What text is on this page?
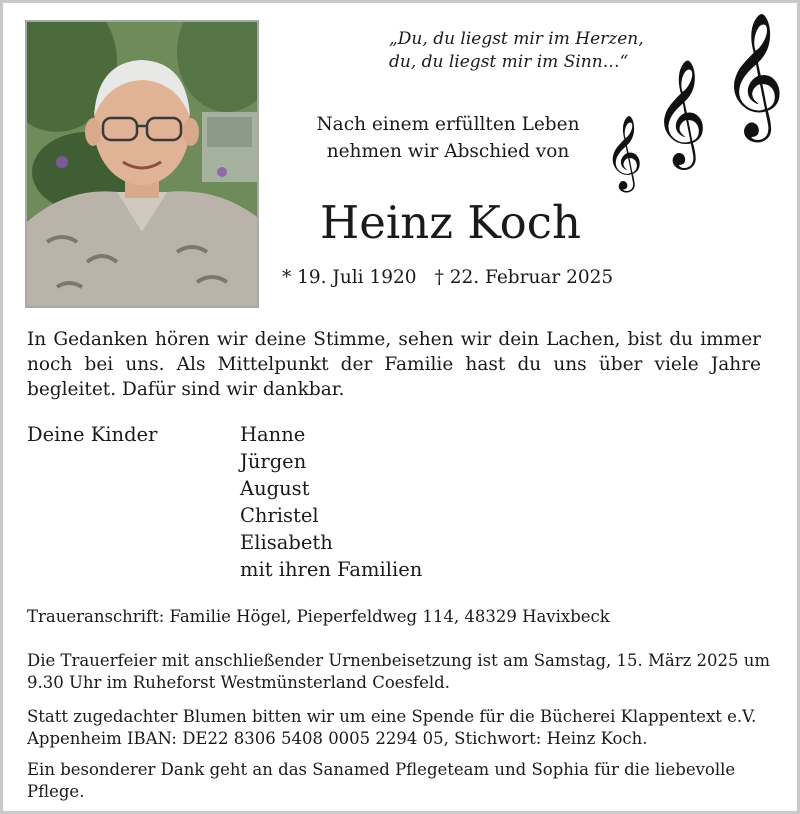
„Du, du liegst mir im Herzen,
du, du liegst mir im Sinn…“
𝄞 𝄞 𝄞
Nach einem erfüllten Leben
nehmen wir Abschied von
Heinz Koch
* 19. Juli 1920 † 22. Februar 2025
In Gedanken hören wir deine Stimme, sehen wir dein Lachen, bist du immer noch bei uns. Als Mittelpunkt der Familie hast du uns über viele Jahre begleitet. Dafür sind wir dankbar.
Deine Kinder	Hanne
Jürgen
August
Christel
Elisabeth
mit ihren Familien
Traueranschrift: Familie Högel, Pieperfeldweg 114, 48329 Havixbeck
Die Trauerfeier mit anschließender Urnenbeisetzung ist am Samstag, 15. März 2025 um 9.30 Uhr im Ruheforst Westmünsterland Coesfeld.
Statt zugedachter Blumen bitten wir um eine Spende für die Bücherei Klappentext e.V. Appenheim IBAN: DE22 8306 5408 0005 2294 05, Stichwort: Heinz Koch.
Ein besonderer Dank geht an das Sanamed Pflegeteam und Sophia für die liebevolle Pflege.
